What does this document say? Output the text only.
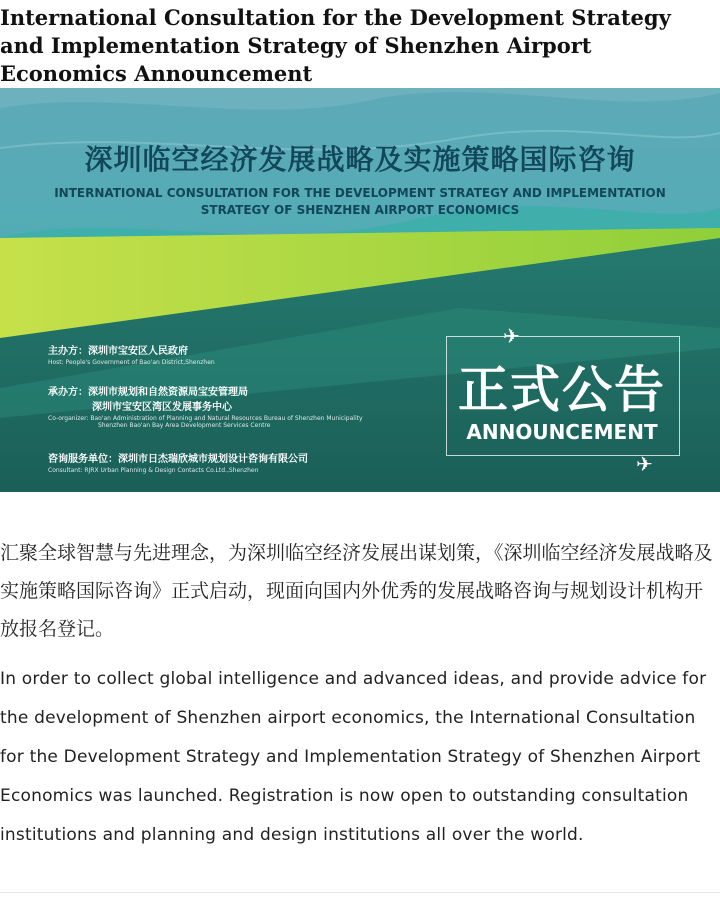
International Consultation for the Development Strategy and Implementation Strategy of Shenzhen Airport Economics Announcement
深圳临空经济发展战略及实施策略国际咨询
INTERNATIONAL CONSULTATION FOR THE DEVELOPMENT STRATEGY AND IMPLEMENTATION STRATEGY OF SHENZHEN AIRPORT ECONOMICS
主办方：深圳市宝安区人民政府
Host: People's Government of Bao'an District,Shenzhen
承办方：深圳市规划和自然资源局宝安管理局
深圳市宝安区湾区发展事务中心
Co-organizer: Bao'an Administration of Planning and Natural Resources Bureau of Shenzhen Municipality
Shenzhen Bao'an Bay Area Development Services Centre
咨询服务单位：深圳市日杰瑞欣城市规划设计咨询有限公司
Consultant: RJRX Urban Planning & Design Contacts Co.Ltd.,Shenzhen
正式公告
ANNOUNCEMENT
✈
✈

汇聚全球智慧与先进理念，为深圳临空经济发展出谋划策，《深圳临空经济发展战略及实施策略国际咨询》正式启动，现面向国内外优秀的发展战略咨询与规划设计机构开放报名登记。

In order to collect global intelligence and advanced ideas, and provide advice for the development of Shenzhen airport economics, the International Consultation for the Development Strategy and Implementation Strategy of Shenzhen Airport Economics was launched. Registration is now open to outstanding consultation institutions and planning and design institutions all over the world.
